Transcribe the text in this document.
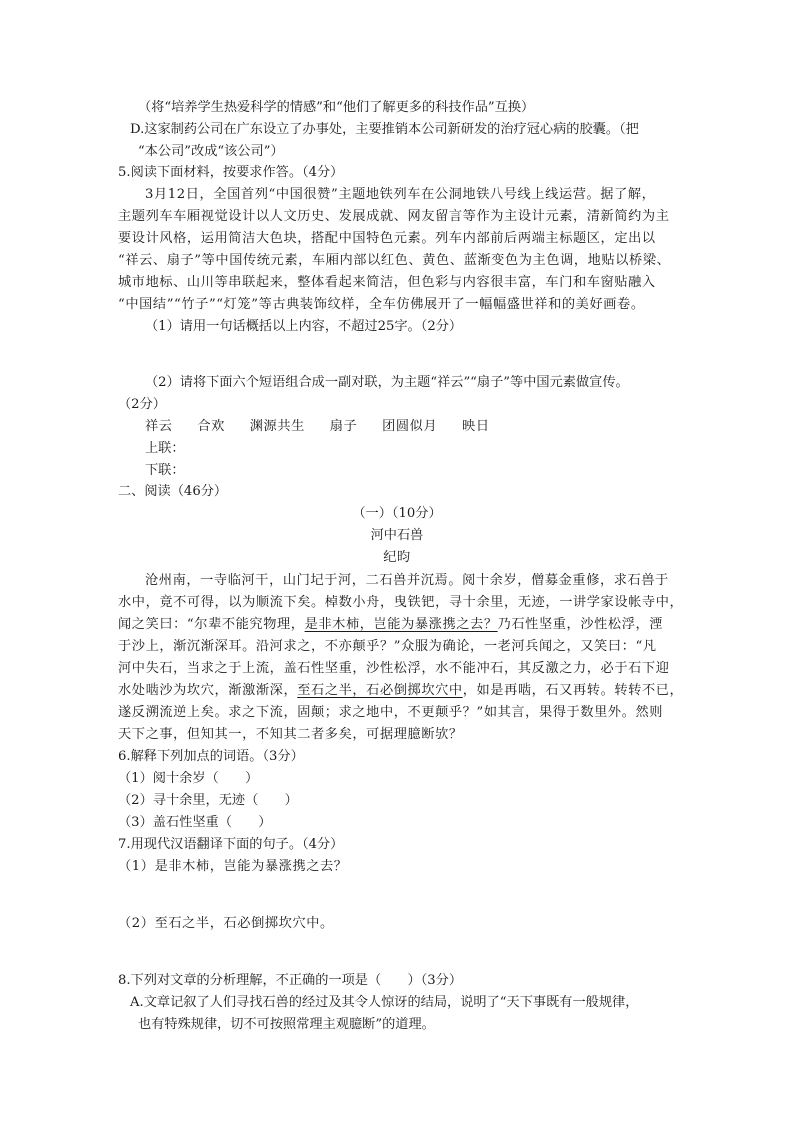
（将“培养学生热爱科学的情感”和“他们了解更多的科技作品”互换）
D.这家制药公司在广东设立了办事处，主要推销本公司新研发的治疗冠心病的胶囊。（把
“本公司”改成“该公司”）
5.阅读下面材料，按要求作答。（4分）
3月12日，全国首列“中国很赞”主题地铁列车在公洞地铁八号线上线运营。据了解，
主题列车车厢视觉设计以人文历史、发展成就、网友留言等作为主设计元素，清新简约为主
要设计风格，运用简洁大色块，搭配中国特色元素。列车内部前后两端主标题区，定出以
“祥云、扇子”等中国传统元素，车厢内部以红色、黄色、蓝渐变色为主色调，地贴以桥梁、
城市地标、山川等串联起来，整体看起来简洁，但色彩与内容很丰富，车门和车窗贴融入
“中国结”“竹子”“灯笼”等古典装饰纹样，全车仿佛展开了一幅幅盛世祥和的美好画卷。
（1）请用一句话概括以上内容，不超过25字。（2分）
（2）请将下面六个短语组合成一副对联，为主题“祥云”“扇子”等中国元素做宣传。
（2分）
祥云 合欢 渊源共生 扇子 团圆似月 映日
上联：
下联：
二、阅读（46分）
（一）（10分）
河中石兽
纪昀
沧州南，一寺临河干，山门圮于河，二石兽并沉焉。阅十余岁，僧募金重修，求石兽于
水中，竟不可得，以为顺流下矣。棹数小舟，曳铁钯，寻十余里，无迹，一讲学家设帐寺中，
闻之笑曰：“尔辈不能究物理，是非木柿，岂能为暴涨携之去？乃石性坚重，沙性松浮，湮
于沙上，渐沉渐深耳。沿河求之，不亦颠乎？”众服为确论，一老河兵闻之，又笑曰：“凡
河中失石，当求之于上流，盖石性坚重，沙性松浮，水不能冲石，其反激之力，必于石下迎
水处啮沙为坎穴，渐激渐深，至石之半，石必倒掷坎穴中，如是再啮，石又再转。转转不已，
遂反溯流逆上矣。求之下流，固颠；求之地中，不更颠乎？”如其言，果得于数里外。然则
天下之事，但知其一，不知其二者多矣，可据理臆断欤？
6.解释下列加点的词语。（3分）
（1）阅十余岁（　　）
（2）寻十余里，无迹（　　）
（3）盖石性坚重（　　）
7.用现代汉语翻译下面的句子。（4分）
（1）是非木柿，岂能为暴涨携之去？
（2）至石之半，石必倒掷坎穴中。
8.下列对文章的分析理解，不正确的一项是（　　）（3分）
A.文章记叙了人们寻找石兽的经过及其令人惊讶的结局，说明了“天下事既有一般规律，
也有特殊规律，切不可按照常理主观臆断”的道理。
